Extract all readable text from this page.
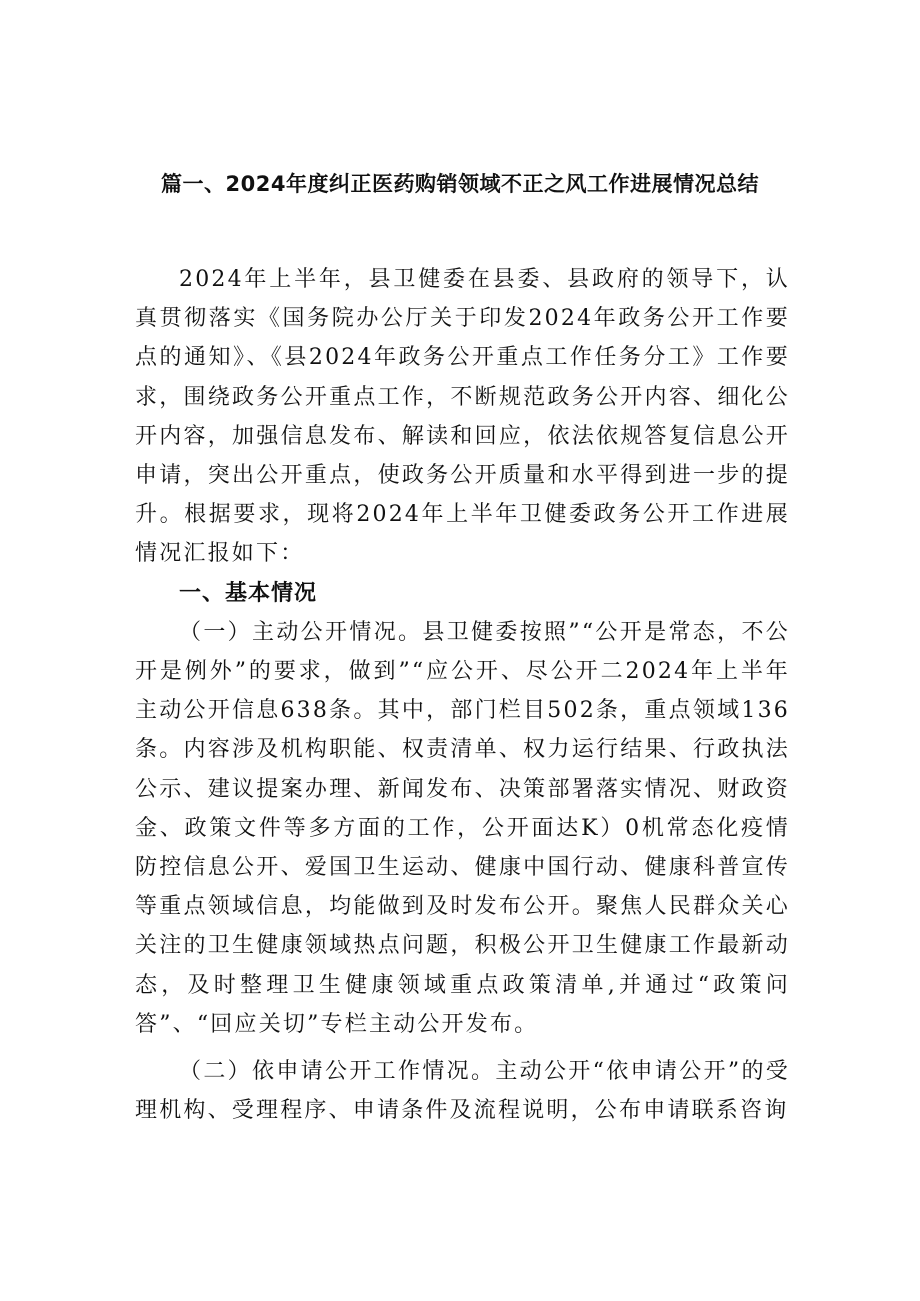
篇一、2024年度纠正医药购销领域不正之风工作进展情况总结

2024年上半年，县卫健委在县委、县政府的领导下，认真贯彻落实《国务院办公厅关于印发2024年政务公开工作要点的通知》、《县2024年政务公开重点工作任务分工》工作要求，围绕政务公开重点工作，不断规范政务公开内容、细化公开内容，加强信息发布、解读和回应，依法依规答复信息公开申请，突出公开重点，使政务公开质量和水平得到进一步的提升。根据要求，现将2024年上半年卫健委政务公开工作进展情况汇报如下：

一、基本情况

（一）主动公开情况。县卫健委按照”“公开是常态，不公开是例外”的要求，做到”“应公开、尽公开二2024年上半年主动公开信息638条。其中，部门栏目502条，重点领域136条。内容涉及机构职能、权责清单、权力运行结果、行政执法公示、建议提案办理、新闻发布、决策部署落实情况、财政资金、政策文件等多方面的工作，公开面达K）0机常态化疫情防控信息公开、爱国卫生运动、健康中国行动、健康科普宣传等重点领域信息，均能做到及时发布公开。聚焦人民群众关心关注的卫生健康领域热点问题，积极公开卫生健康工作最新动态，及时整理卫生健康领域重点政策清单,并通过“政策问答”、“回应关切”专栏主动公开发布。

（二）依申请公开工作情况。主动公开“依申请公开”的受理机构、受理程序、申请条件及流程说明，公布申请联系咨询
